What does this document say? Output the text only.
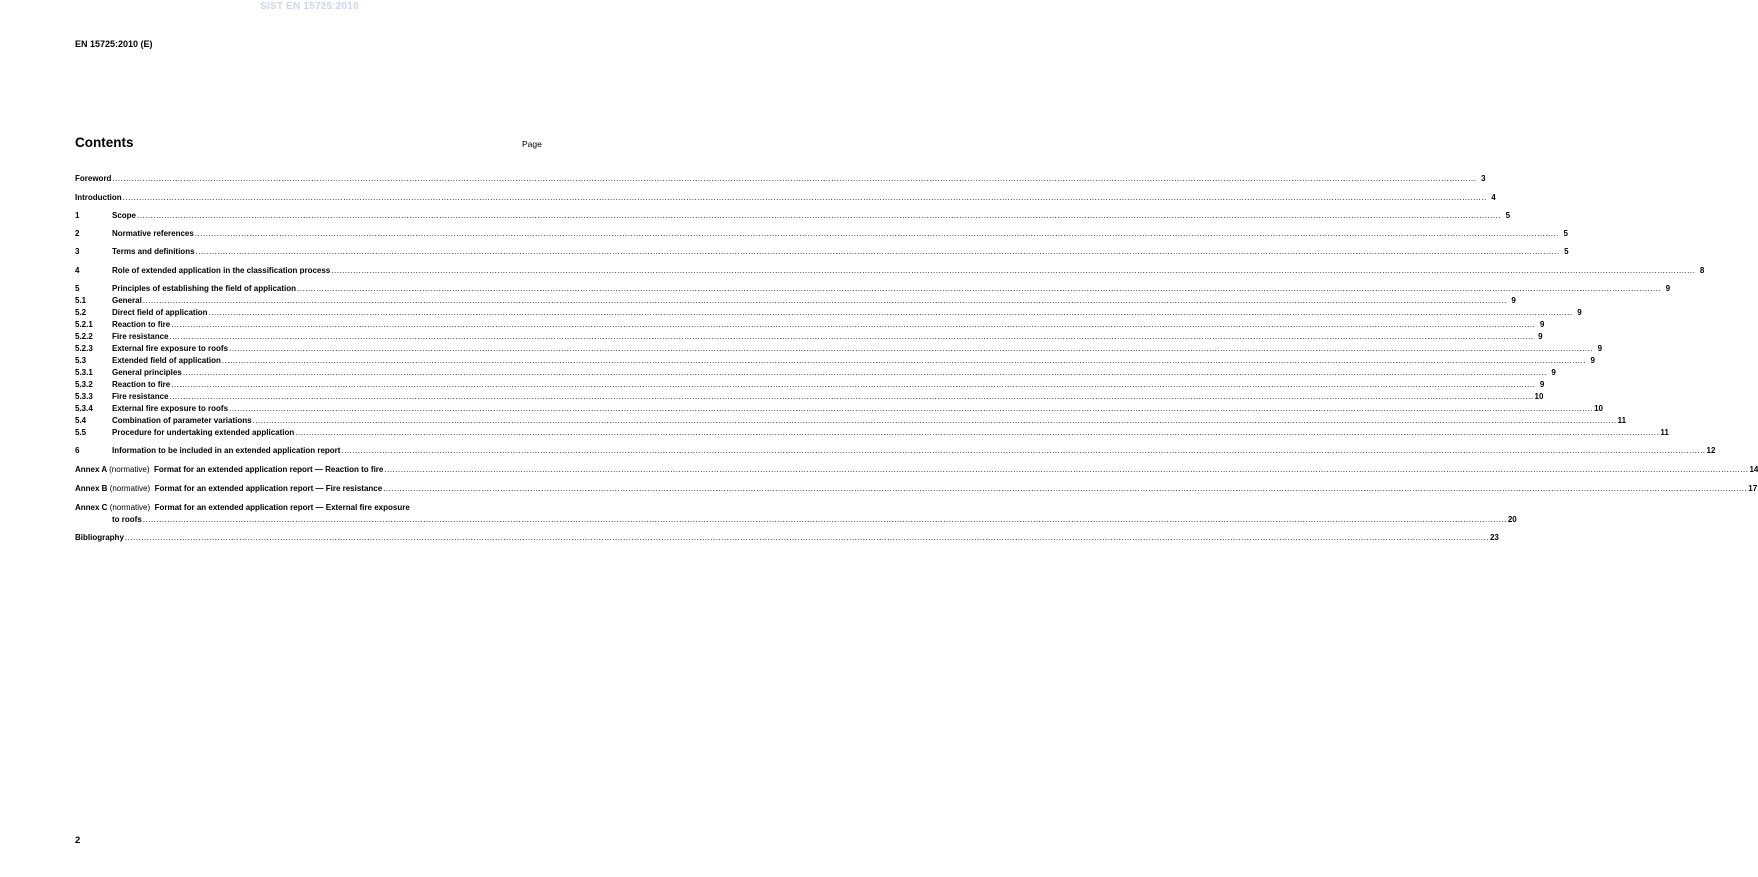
SIST EN 15725:2010
EN 15725:2010 (E)
Contents	Page
Foreword .....	3
Introduction .....	4
1	Scope .....	5
2	Normative references .....	5
3	Terms and definitions .....	5
4	Role of extended application in the classification process .....	8
5	Principles of establishing the field of application .....	9
5.1	General .....	9
5.2	Direct field of application .....	9
5.2.1	Reaction to fire .....	9
5.2.2	Fire resistance .....	9
5.2.3	External fire exposure to roofs .....	9
5.3	Extended field of application .....	9
5.3.1	General principles .....	9
5.3.2	Reaction to fire .....	9
5.3.3	Fire resistance .....	10
5.3.4	External fire exposure to roofs .....	10
5.4	Combination of parameter variations .....	11
5.5	Procedure for undertaking extended application .....	11
6	Information to be included in an extended application report .....	12
Annex A (normative) Format for an extended application report — Reaction to fire .....	14
Annex B (normative) Format for an extended application report — Fire resistance .....	17
Annex C (normative) Format for an extended application report — External fire exposure
to roofs .....	20
Bibliography .....	23
2
